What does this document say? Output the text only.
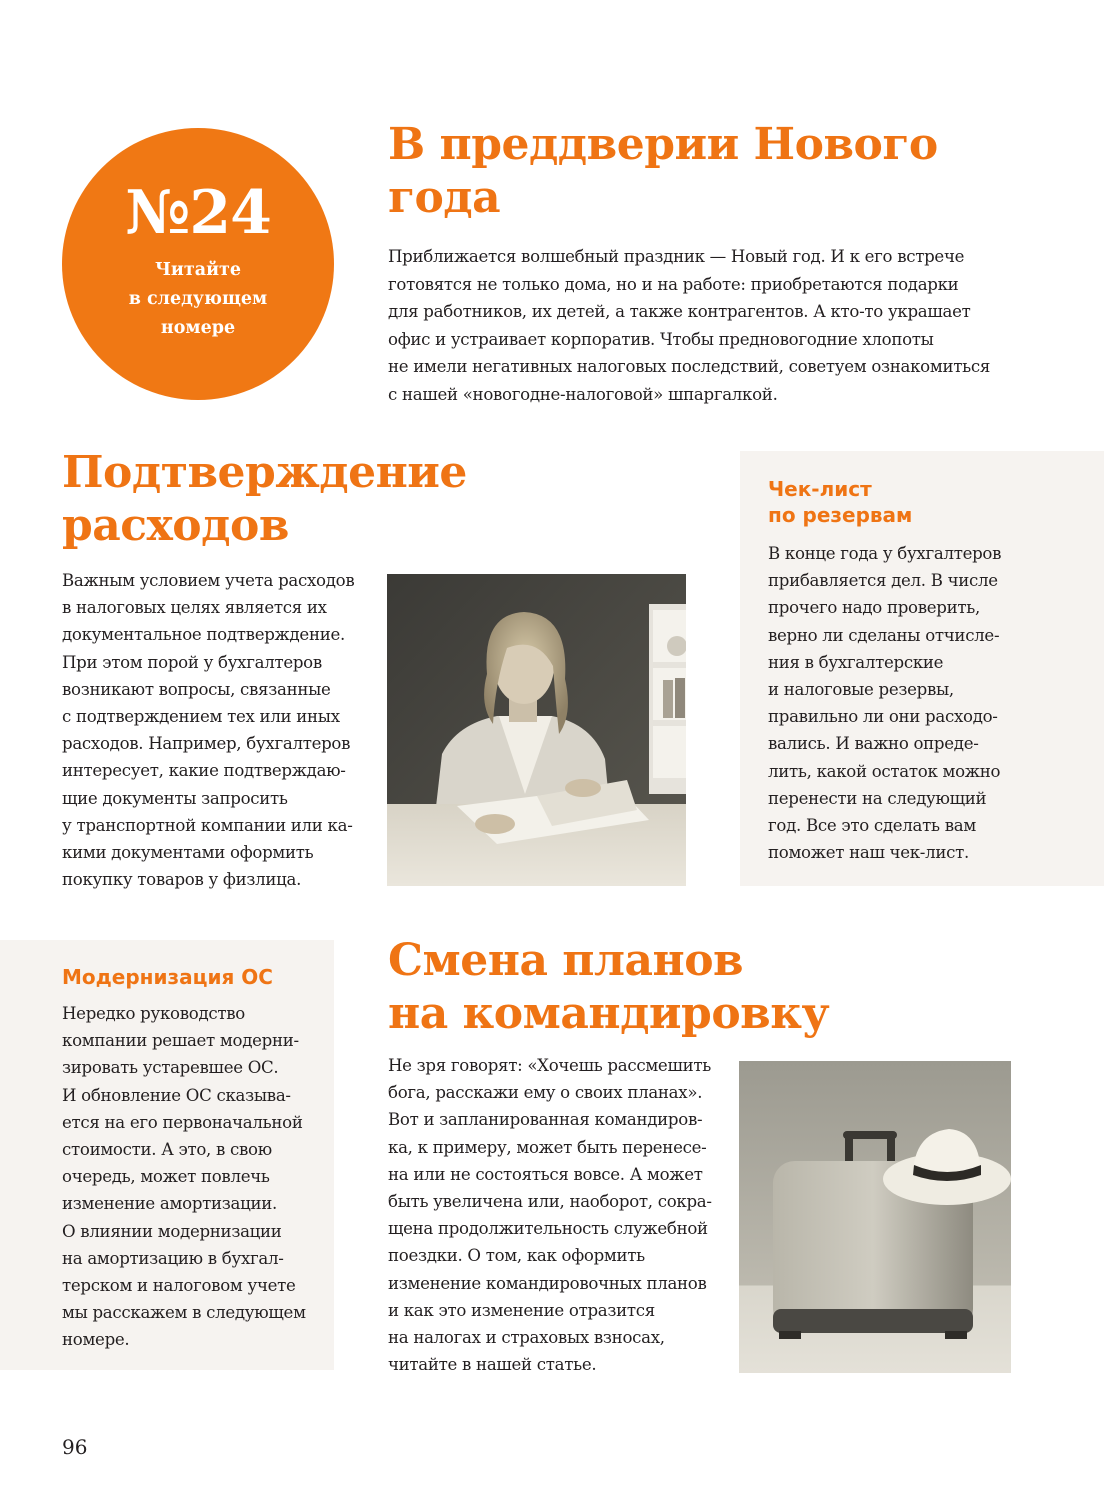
№24
Читайте
в следующем
номере
В преддверии Нового
года

Приближается волшебный праздник — Новый год. И к его встрече
готовятся не только дома, но и на работе: приобретаются подарки
для работников, их детей, а также контрагентов. А кто-то украшает
офис и устраивает корпоратив. Чтобы предновогодние хлопоты
не имели негативных налоговых последствий, советуем ознакомиться
с нашей «новогодне-налоговой» шпаргалкой.

Подтверждение
расходов

Важным условием учета расходов
в налоговых целях является их
документальное подтверждение.
При этом порой у бухгалтеров
возникают вопросы, связанные
с подтверждением тех или иных
расходов. Например, бухгалтеров
интересует, какие подтверждаю-
щие документы запросить
у транспортной компании или ка-
кими документами оформить
покупку товаров у физлица.

Чек-лист
по резервам
В конце года у бухгалтеров
прибавляется дел. В числе
прочего надо проверить,
верно ли сделаны отчисле-
ния в бухгалтерские
и налоговые резервы,
правильно ли они расходо-
вались. И важно опреде-
лить, какой остаток можно
перенести на следующий
год. Все это сделать вам
поможет наш чек-лист.
Модернизация ОС
Нередко руководство
компании решает модерни-
зировать устаревшее ОС.
И обновление ОС сказыва-
ется на его первоначальной
стоимости. А это, в свою
очередь, может повлечь
изменение амортизации.
О влиянии модернизации
на амортизацию в бухгал-
терском и налоговом учете
мы расскажем в следующем
номере.
Смена планов
на командировку

Не зря говорят: «Хочешь рассмешить
бога, расскажи ему о своих планах».
Вот и запланированная командиров-
ка, к примеру, может быть перенесе-
на или не состояться вовсе. А может
быть увеличена или, наоборот, сокра-
щена продолжительность служебной
поездки. О том, как оформить
изменение командировочных планов
и как это изменение отразится
на налогах и страховых взносах,
читайте в нашей статье.

96
